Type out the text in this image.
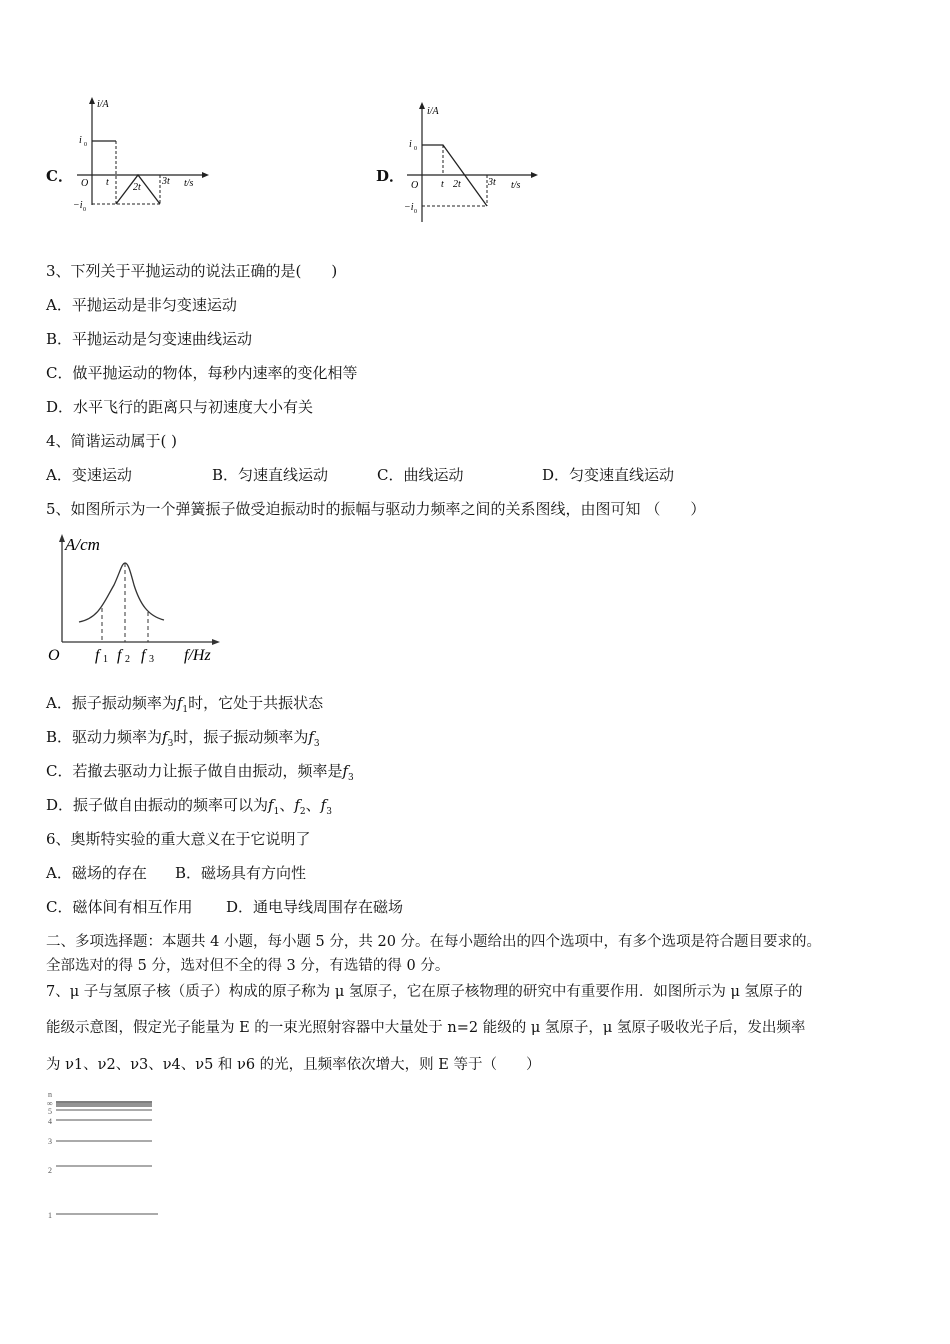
C．
i/A
t/s
O
i 0
−i 0
t 2t
3t	D．
i/A
t/s
O
i 0
−i 0
t 2t	3t
3、下列关于平抛运动的说法正确的是(　　)
A．平抛运动是非匀变速运动
B．平抛运动是匀变速曲线运动
C．做平抛运动的物体，每秒内速率的变化相等
D．水平飞行的距离只与初速度大小有关
4、简谐运动属于( )
A．变速运动	B．匀速直线运动	C．曲线运动	D．匀变速直线运动
5、如图所示为一个弹簧振子做受迫振动时的振幅与驱动力频率之间的关系图线，由图可知 （　　）
A/cm
O f 1 f 2 f 3 f/Hz
A．振子振动频率为$f_1$时，它处于共振状态
B．驱动力频率为$f_3$时，振子振动频率为$f_3$
C．若撤去驱动力让振子做自由振动，频率是$f_3$
D．振子做自由振动的频率可以为$f_1$、$f_2$、$f_3$
6、奥斯特实验的重大意义在于它说明了
A．磁场的存在 B．磁场具有方向性
C．磁体间有相互作用 D．通电导线周围存在磁场
二、多项选择题：本题共 4 小题，每小题 5 分，共 20 分。在每小题给出的四个选项中，有多个选项是符合题目要求的。
全部选对的得 5 分，选对但不全的得 3 分，有选错的得 0 分。
7、μ 子与氢原子核（质子）构成的原子称为 μ 氢原子，它在原子核物理的研究中有重要作用．如图所示为 μ 氢原子的
能级示意图，假定光子能量为 E 的一束光照射容器中大量处于 n=2 能级的 μ 氢原子，μ 氢原子吸收光子后，发出频率
为 ν1、ν2、ν3、ν4、ν5 和 ν6 的光，且频率依次增大，则 E 等于（　　）
n
∞
5
4
3
2
1
